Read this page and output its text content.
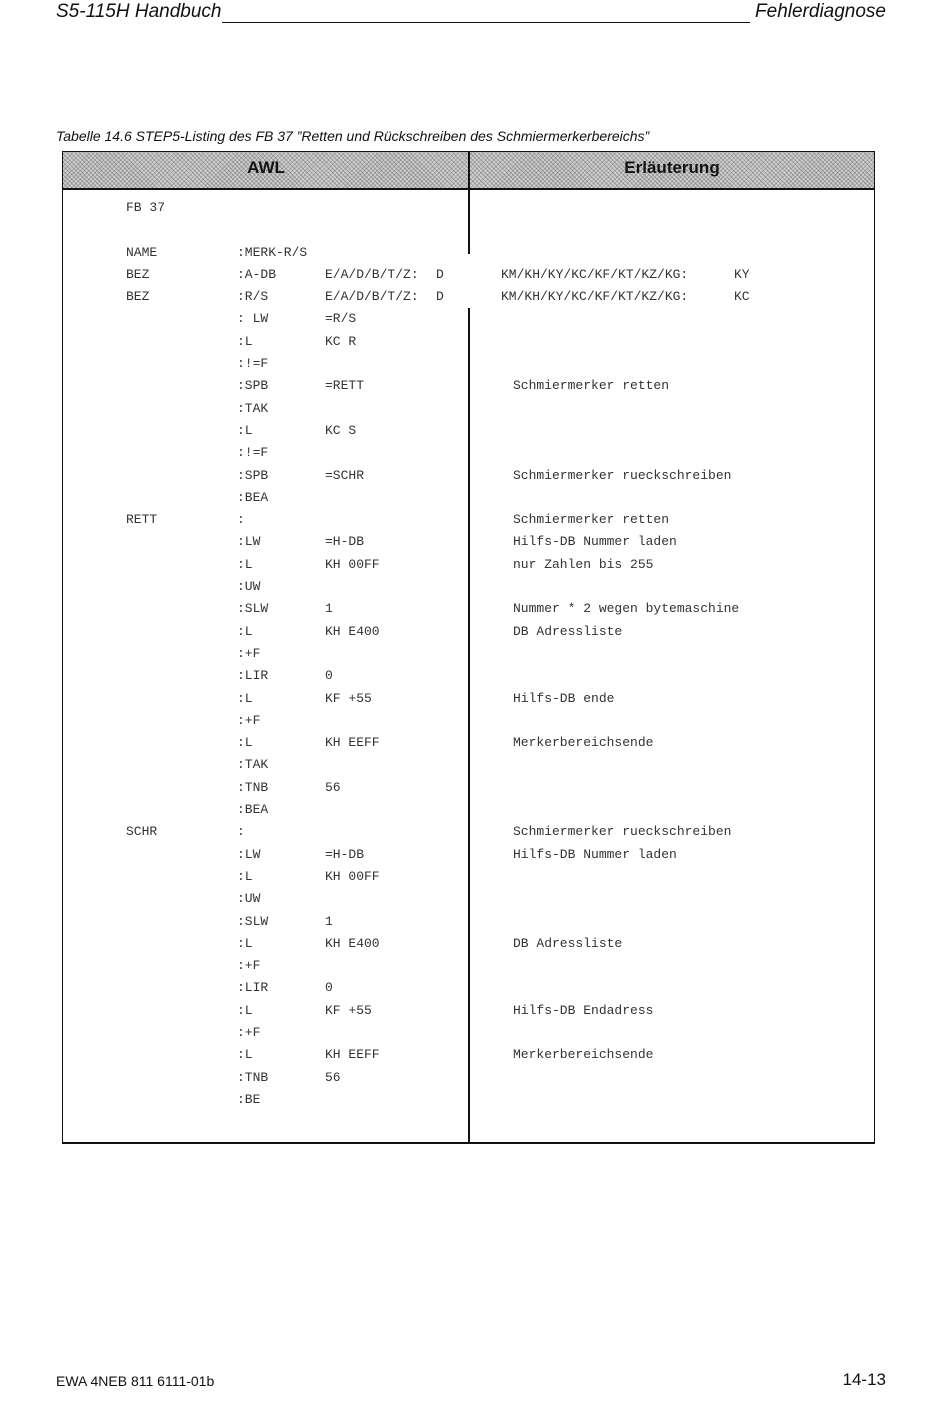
S5-115H Handbuch	Fehlerdiagnose
Tabelle 14.6 STEP5-Listing des FB 37 ”Retten und Rückschreiben des Schmiermerkerbereichs”
AWL	Erläuterung
FB 37
NAME	:MERK-R/S
BEZ	:A-DB	E/A/D/B/T/Z: D	KM/KH/KY/KC/KF/KT/KZ/KG:	KY
BEZ	:R/S	E/A/D/B/T/Z: D	KM/KH/KY/KC/KF/KT/KZ/KG:	KC
: LW	=R/S
:L	KC R
:!=F
:SPB	=RETT	Schmiermerker retten
:TAK
:L	KC S
:!=F
:SPB	=SCHR	Schmiermerker rueckschreiben
:BEA
RETT	:	Schmiermerker retten
:LW	=H-DB	Hilfs-DB Nummer laden
:L	KH 00FF	nur Zahlen bis 255
:UW
:SLW	1	Nummer * 2 wegen bytemaschine
:L	KH E400	DB Adressliste
:+F
:LIR	0
:L	KF +55	Hilfs-DB ende
:+F
:L	KH EEFF	Merkerbereichsende
:TAK
:TNB	56
:BEA
SCHR	:	Schmiermerker rueckschreiben
:LW	=H-DB	Hilfs-DB Nummer laden
:L	KH 00FF
:UW
:SLW	1
:L	KH E400	DB Adressliste
:+F
:LIR	0
:L	KF +55	Hilfs-DB Endadress
:+F
:L	KH EEFF	Merkerbereichsende
:TNB	56
:BE
EWA 4NEB 811 6111-01b	14-13
